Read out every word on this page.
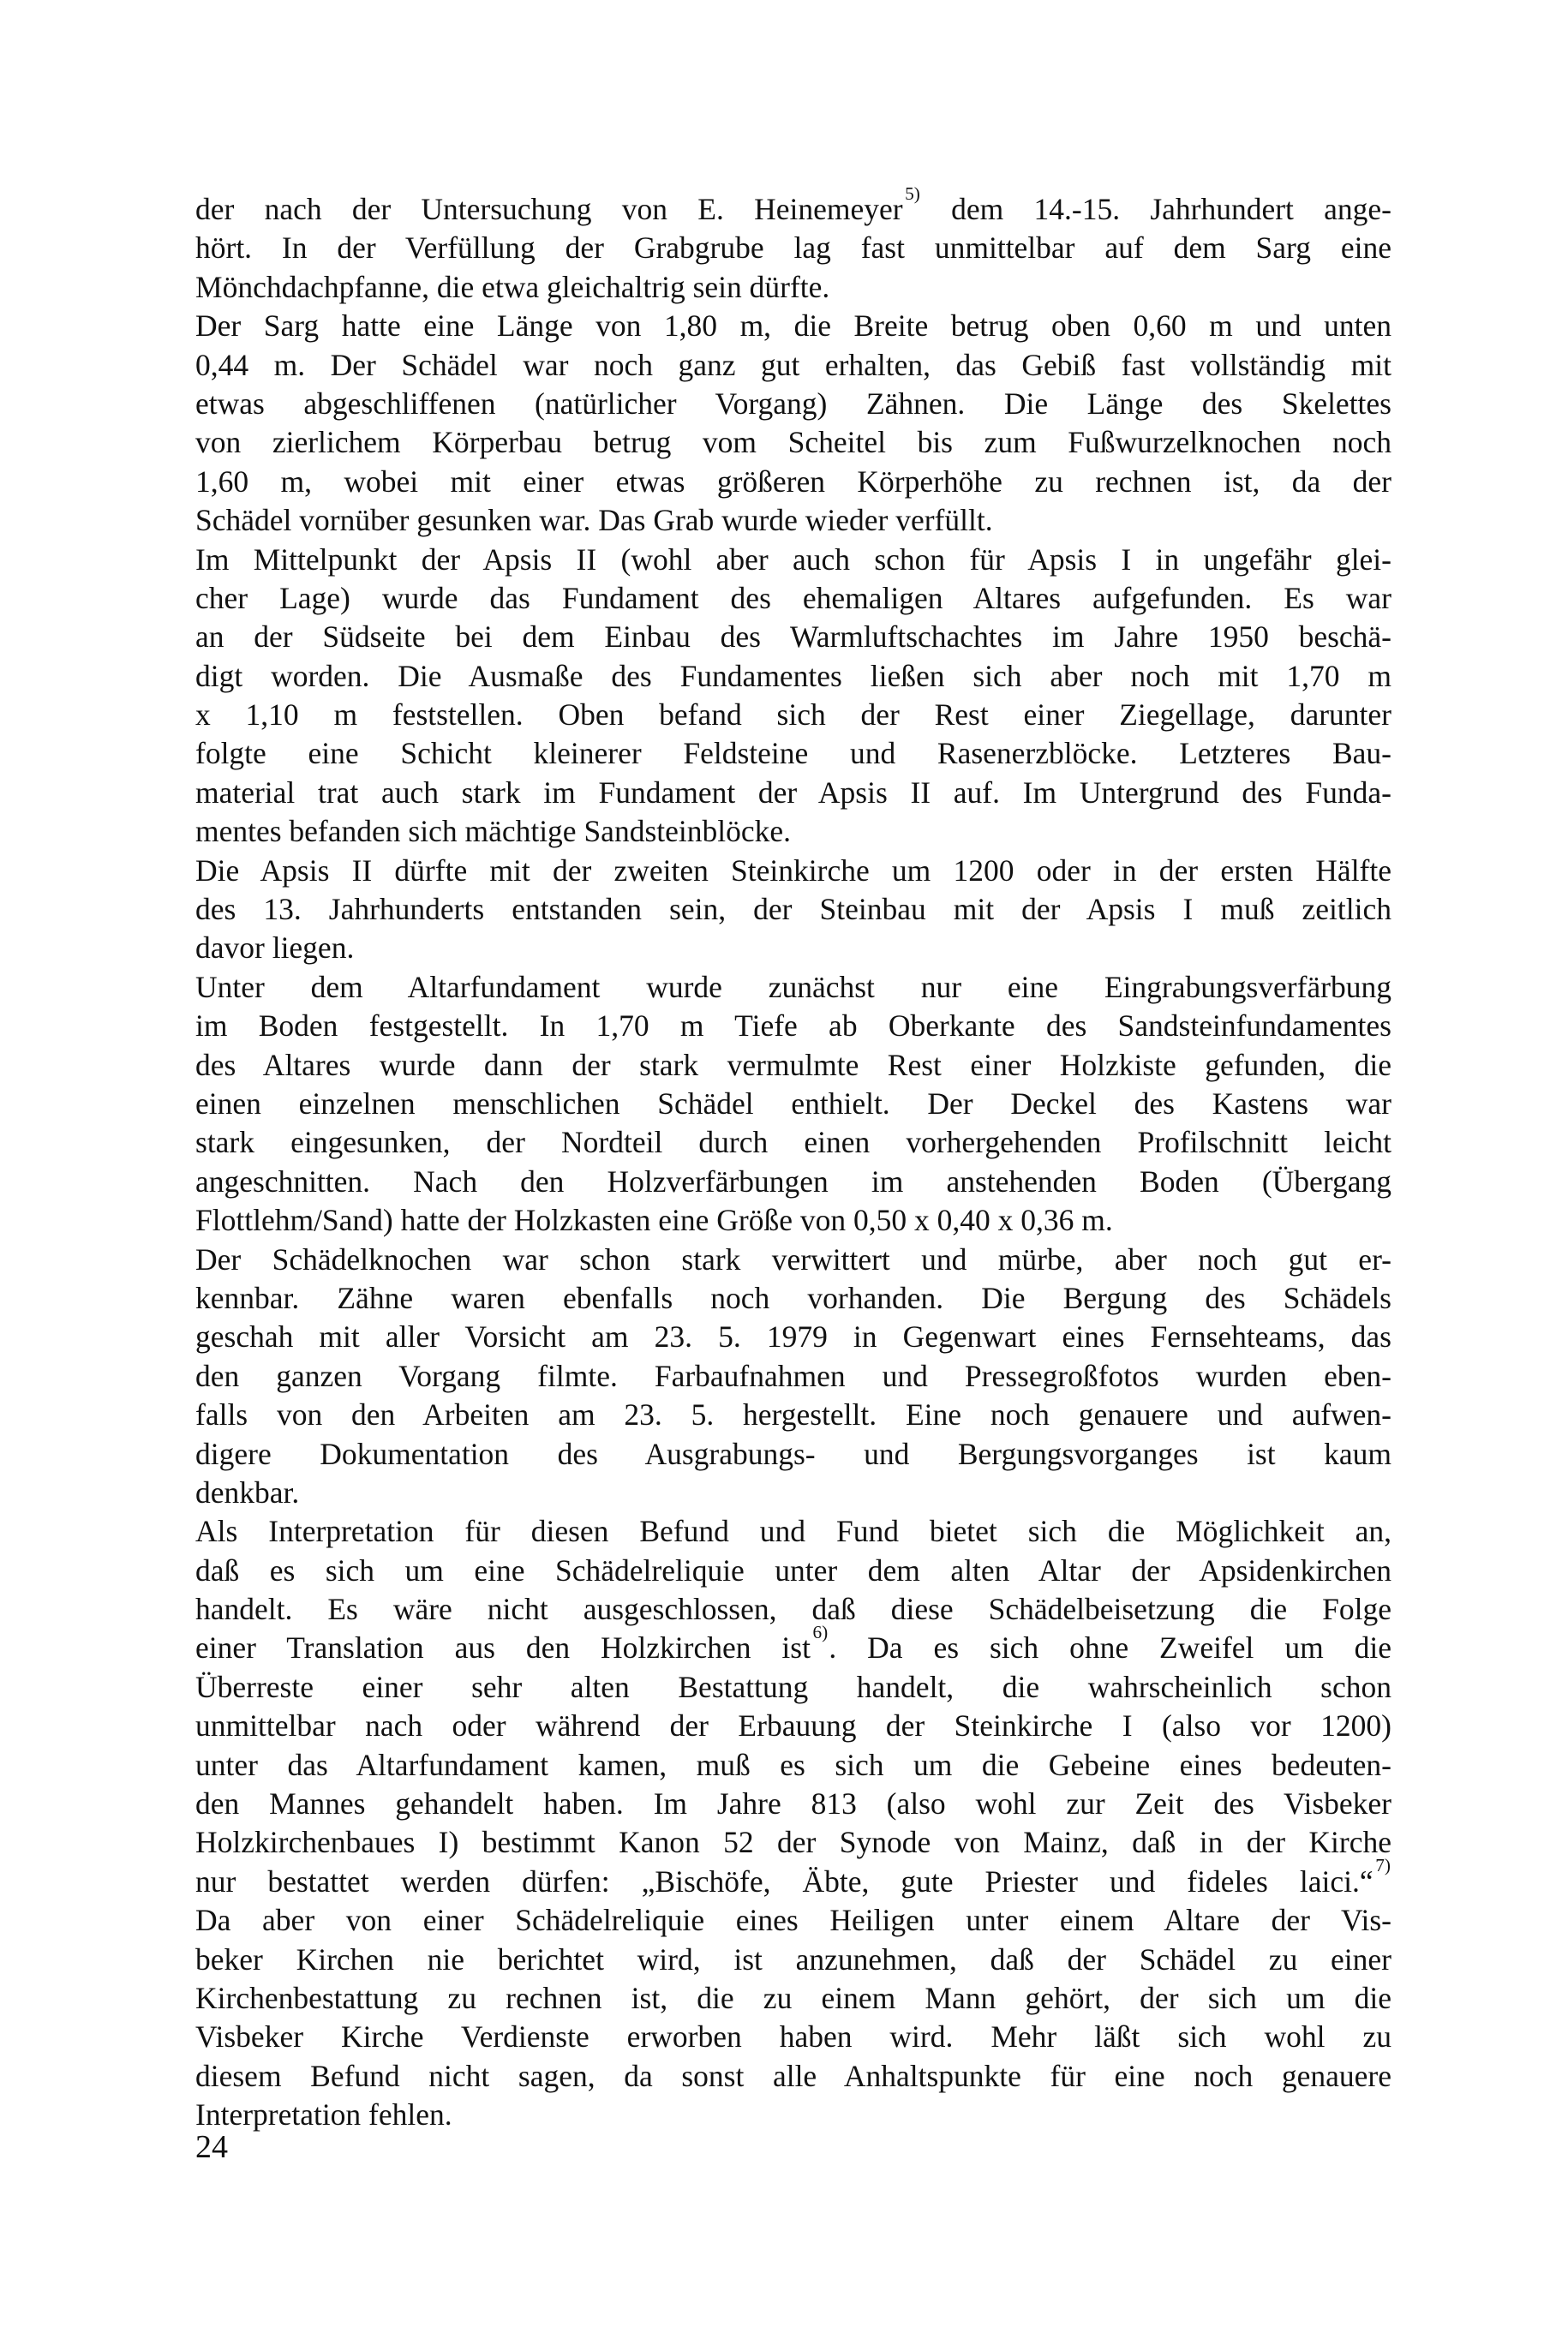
der nach der Untersuchung von E. Heinemeyer $^{5)}$ dem 14.-15. Jahrhundert ange-
hört. In der Verfüllung der Grabgrube lag fast unmittelbar auf dem Sarg eine
Mönchdachpfanne, die etwa gleichaltrig sein dürfte.
Der Sarg hatte eine Länge von 1,80 m, die Breite betrug oben 0,60 m und unten
0,44 m. Der Schädel war noch ganz gut erhalten, das Gebiß fast vollständig mit
etwas abgeschliffenen (natürlicher Vorgang) Zähnen. Die Länge des Skelettes
von zierlichem Körperbau betrug vom Scheitel bis zum Fußwurzelknochen noch
1,60 m, wobei mit einer etwas größeren Körperhöhe zu rechnen ist, da der
Schädel vornüber gesunken war. Das Grab wurde wieder verfüllt.
Im Mittelpunkt der Apsis II (wohl aber auch schon für Apsis I in ungefähr glei-
cher Lage) wurde das Fundament des ehemaligen Altares aufgefunden. Es war
an der Südseite bei dem Einbau des Warmluftschachtes im Jahre 1950 beschä-
digt worden. Die Ausmaße des Fundamentes ließen sich aber noch mit 1,70 m
x 1,10 m feststellen. Oben befand sich der Rest einer Ziegellage, darunter
folgte eine Schicht kleinerer Feldsteine und Rasenerzblöcke. Letzteres Bau-
material trat auch stark im Fundament der Apsis II auf. Im Untergrund des Funda-
mentes befanden sich mächtige Sandsteinblöcke.
Die Apsis II dürfte mit der zweiten Steinkirche um 1200 oder in der ersten Hälfte
des 13. Jahrhunderts entstanden sein, der Steinbau mit der Apsis I muß zeitlich
davor liegen.
Unter dem Altarfundament wurde zunächst nur eine Eingrabungsverfärbung
im Boden festgestellt. In 1,70 m Tiefe ab Oberkante des Sandsteinfundamentes
des Altares wurde dann der stark vermulmte Rest einer Holzkiste gefunden, die
einen einzelnen menschlichen Schädel enthielt. Der Deckel des Kastens war
stark eingesunken, der Nordteil durch einen vorhergehenden Profilschnitt leicht
angeschnitten. Nach den Holzverfärbungen im anstehenden Boden (Übergang
Flottlehm/Sand) hatte der Holzkasten eine Größe von 0,50 x 0,40 x 0,36 m.
Der Schädelknochen war schon stark verwittert und mürbe, aber noch gut er-
kennbar. Zähne waren ebenfalls noch vorhanden. Die Bergung des Schädels
geschah mit aller Vorsicht am 23. 5. 1979 in Gegenwart eines Fernsehteams, das
den ganzen Vorgang filmte. Farbaufnahmen und Pressegroßfotos wurden eben-
falls von den Arbeiten am 23. 5. hergestellt. Eine noch genauere und aufwen-
digere Dokumentation des Ausgrabungs- und Bergungsvorganges ist kaum
denkbar.
Als Interpretation für diesen Befund und Fund bietet sich die Möglichkeit an,
daß es sich um eine Schädelreliquie unter dem alten Altar der Apsidenkirchen
handelt. Es wäre nicht ausgeschlossen, daß diese Schädelbeisetzung die Folge
einer Translation aus den Holzkirchen ist $^{6)}$. Da es sich ohne Zweifel um die
Überreste einer sehr alten Bestattung handelt, die wahrscheinlich schon
unmittelbar nach oder während der Erbauung der Steinkirche I (also vor 1200)
unter das Altarfundament kamen, muß es sich um die Gebeine eines bedeuten-
den Mannes gehandelt haben. Im Jahre 813 (also wohl zur Zeit des Visbeker
Holzkirchenbaues I) bestimmt Kanon 52 der Synode von Mainz, daß in der Kirche
nur bestattet werden dürfen: „Bischöfe, Äbte, gute Priester und fideles laici.“ $^{7)}$
Da aber von einer Schädelreliquie eines Heiligen unter einem Altare der Vis-
beker Kirchen nie berichtet wird, ist anzunehmen, daß der Schädel zu einer
Kirchenbestattung zu rechnen ist, die zu einem Mann gehört, der sich um die
Visbeker Kirche Verdienste erworben haben wird. Mehr läßt sich wohl zu
diesem Befund nicht sagen, da sonst alle Anhaltspunkte für eine noch genauere
Interpretation fehlen.
24
